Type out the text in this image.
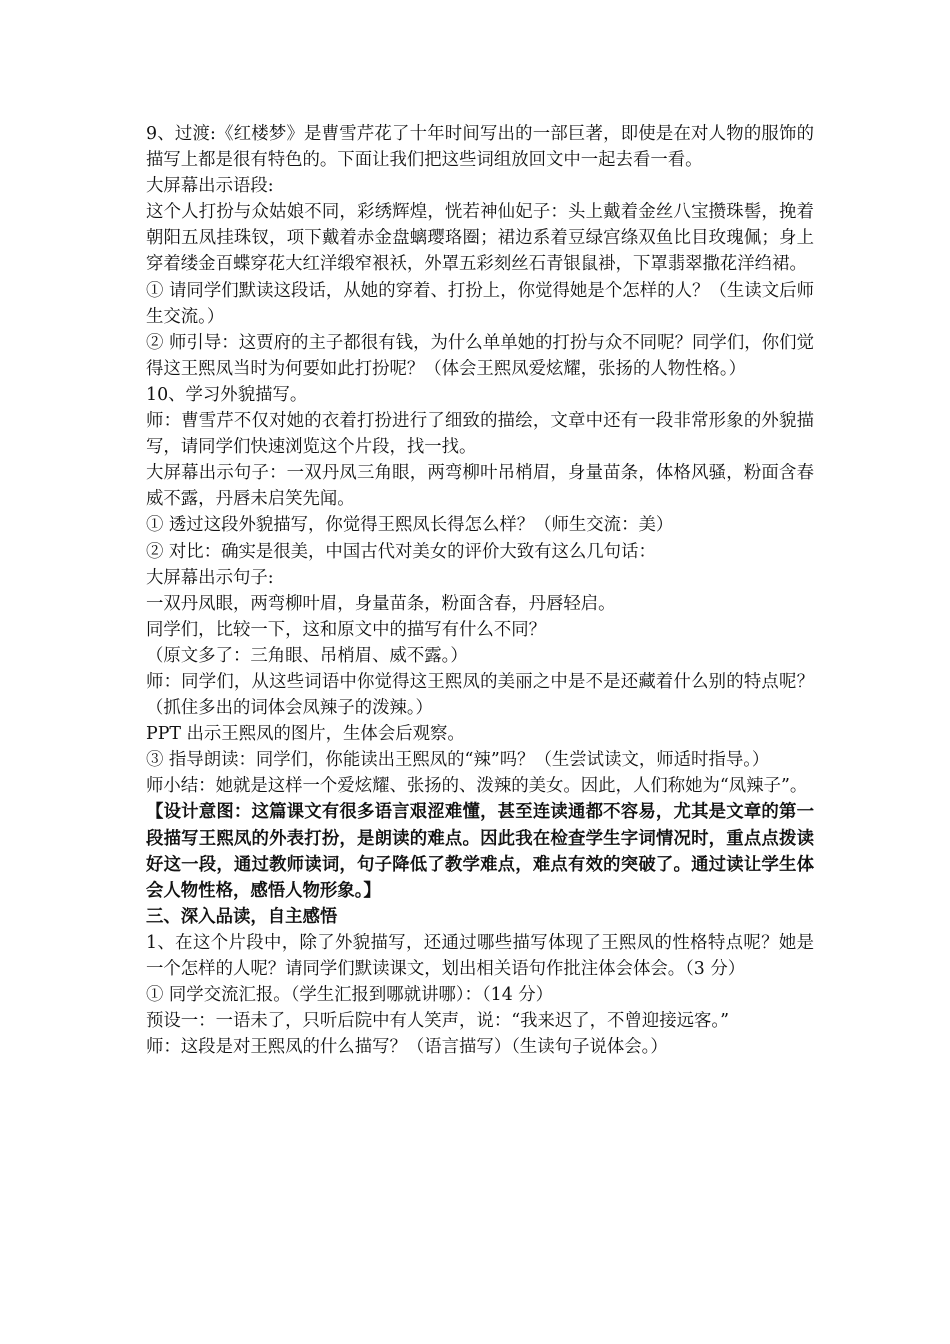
9、过渡:《红楼梦》是曹雪芹花了十年时间写出的一部巨著，即使是在对人物的服饰的描写上都是很有特色的。下面让我们把这些词组放回文中一起去看一看。

大屏幕出示语段:

这个人打扮与众姑娘不同，彩绣辉煌，恍若神仙妃子：头上戴着金丝八宝攒珠髻，挽着朝阳五凤挂珠钗，项下戴着赤金盘螭璎珞圈；裙边系着豆绿宫绦双鱼比目玫瑰佩；身上穿着缕金百蝶穿花大红洋缎窄裉袄，外罩五彩刻丝石青银鼠褂，下罩翡翠撒花洋绉裙。

① 请同学们默读这段话，从她的穿着、打扮上，你觉得她是个怎样的人？（生读文后师生交流。）

② 师引导：这贾府的主子都很有钱，为什么单单她的打扮与众不同呢？同学们，你们觉得这王熙凤当时为何要如此打扮呢？（体会王熙凤爱炫耀，张扬的人物性格。）

10、学习外貌描写。

师：曹雪芹不仅对她的衣着打扮进行了细致的描绘，文章中还有一段非常形象的外貌描写，请同学们快速浏览这个片段，找一找。

大屏幕出示句子：一双丹凤三角眼，两弯柳叶吊梢眉，身量苗条，体格风骚，粉面含春威不露，丹唇未启笑先闻。

① 透过这段外貌描写，你觉得王熙凤长得怎么样？（师生交流：美）

② 对比：确实是很美，中国古代对美女的评价大致有这么几句话：

大屏幕出示句子:

一双丹凤眼，两弯柳叶眉，身量苗条，粉面含春，丹唇轻启。

同学们，比较一下，这和原文中的描写有什么不同？

（原文多了：三角眼、吊梢眉、威不露。）

师：同学们，从这些词语中你觉得这王熙凤的美丽之中是不是还藏着什么别的特点呢？（抓住多出的词体会凤辣子的泼辣。）

PPT 出示王熙凤的图片，生体会后观察。

③ 指导朗读：同学们，你能读出王熙凤的“辣”吗？（生尝试读文，师适时指导。）

师小结：她就是这样一个爱炫耀、张扬的、泼辣的美女。因此，人们称她为“凤辣子”。

【设计意图：这篇课文有很多语言艰涩难懂，甚至连读通都不容易，尤其是文章的第一段描写王熙凤的外表打扮，是朗读的难点。因此我在检查学生字词情况时，重点点拨读好这一段，通过教师读词，句子降低了教学难点，难点有效的突破了。通过读让学生体会人物性格，感悟人物形象。】

三、深入品读，自主感悟

1、在这个片段中，除了外貌描写，还通过哪些描写体现了王熙凤的性格特点呢？她是一个怎样的人呢？请同学们默读课文，划出相关语句作批注体会体会。（3 分）

① 同学交流汇报。（学生汇报到哪就讲哪）：（14 分）

预设一：一语未了，只听后院中有人笑声，说：“我来迟了，不曾迎接远客。”

师：这段是对王熙凤的什么描写？（语言描写）（生读句子说体会。）
